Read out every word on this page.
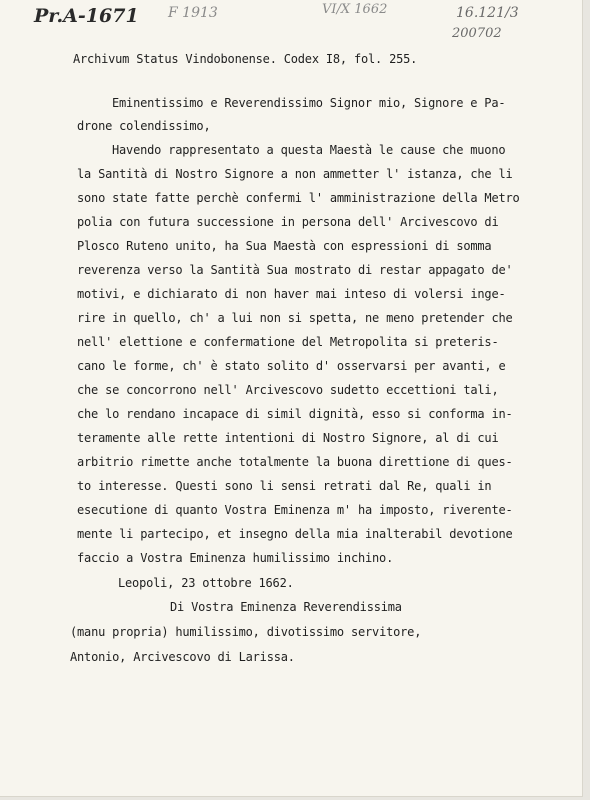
Pr.A-1671 F 1913	VI/X 1662	16.121/3
200702
Archivum Status Vindobonense. Codex I8, fol. 255.
Eminentissimo e Reverendissimo Signor mio, Signore e Pa-
drone colendissimo,
Havendo rappresentato a questa Maestà le cause che muono
la Santità di Nostro Signore a non ammetter l' istanza, che li
sono state fatte perchè confermi l' amministrazione della Metro
polia con futura successione in persona dell' Arcivescovo di
Plosco Ruteno unito, ha Sua Maestà con espressioni di somma
reverenza verso la Santità Sua mostrato di restar appagato de'
motivi, e dichiarato di non haver mai inteso di volersi inge-
rire in quello, ch' a lui non si spetta, ne meno pretender che
nell' elettione e confermatione del Metropolita si preteris-
cano le forme, ch' è stato solito d' osservarsi per avanti, e
che se concorrono nell' Arcivescovo sudetto eccettioni tali,
che lo rendano incapace di simil dignità, esso si conforma in-
teramente alle rette intentioni di Nostro Signore, al di cui
arbitrio rimette anche totalmente la buona direttione di ques-
to interesse. Questi sono li sensi retrati dal Re, quali in
esecutione di quanto Vostra Eminenza m' ha imposto, riverente-
mente li partecipo, et insegno della mia inalterabil devotione
faccio a Vostra Eminenza humilissimo inchino.
Leopoli, 23 ottobre 1662.
Di Vostra Eminenza Reverendissima
(manu propria) humilissimo, divotissimo servitore,
Antonio, Arcivescovo di Larissa.
